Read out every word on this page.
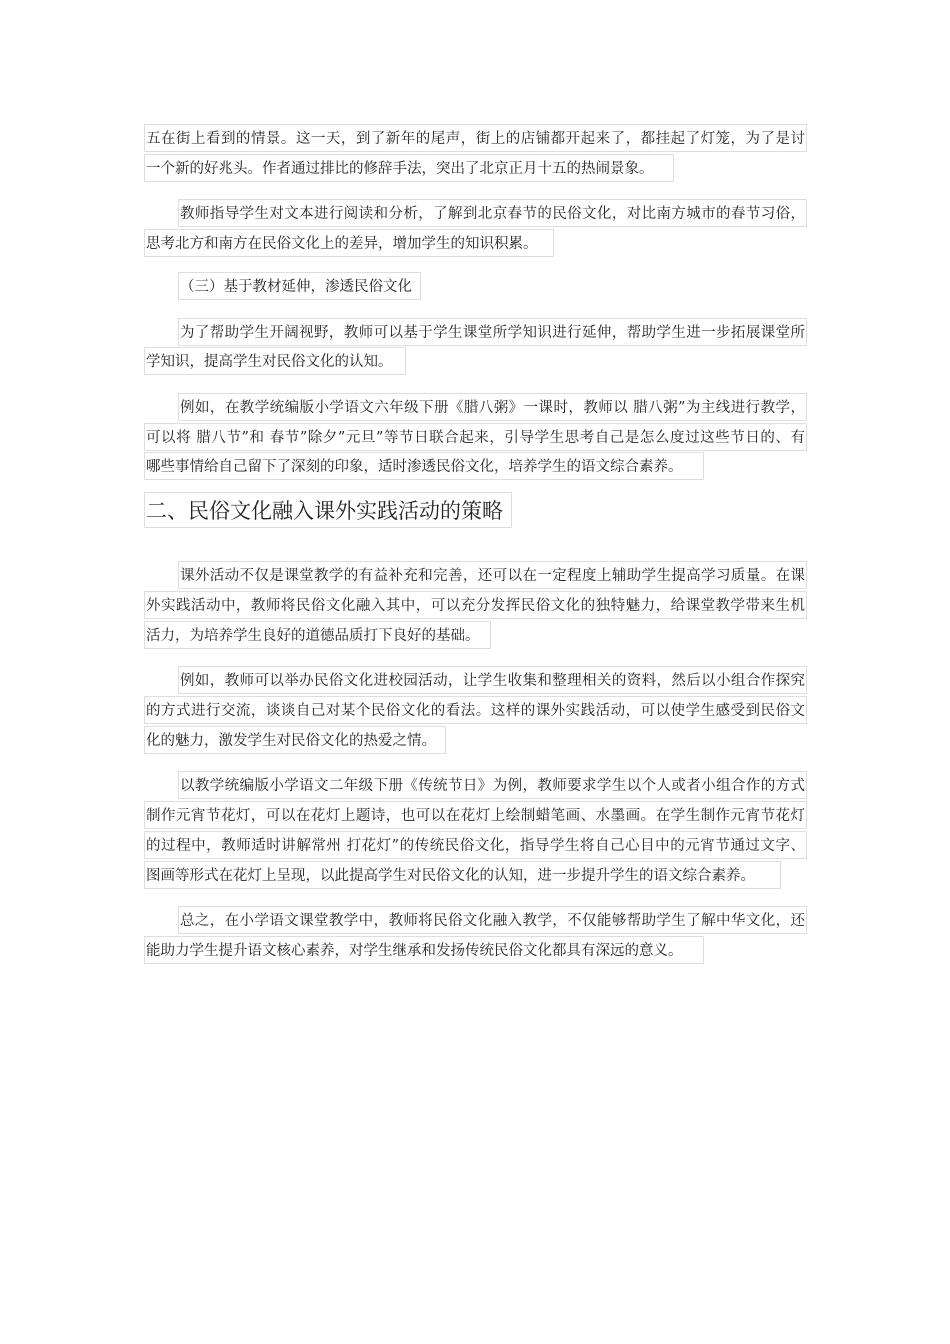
五在街上看到的情景。这一天，到了新年的尾声，街上的店铺都开起来了，都挂起了灯笼，为了是讨
一个新的好兆头。作者通过排比的修辞手法，突出了北京正月十五的热闹景象。
教师指导学生对文本进行阅读和分析，了解到北京春节的民俗文化，对比南方城市的春节习俗，
思考北方和南方在民俗文化上的差异，增加学生的知识积累。
（三）基于教材延伸，渗透民俗文化
为了帮助学生开阔视野，教师可以基于学生课堂所学知识进行延伸，帮助学生进一步拓展课堂所
学知识，提高学生对民俗文化的认知。
例如，在教学统编版小学语文六年级下册《腊八粥》一课时，教师以 腊八粥”为主线进行教学，
可以将 腊八节”和 春节”除夕”元旦”等节日联合起来，引导学生思考自己是怎么度过这些节日的、有
哪些事情给自己留下了深刻的印象，适时渗透民俗文化，培养学生的语文综合素养。
二、民俗文化融入课外实践活动的策略
课外活动不仅是课堂教学的有益补充和完善，还可以在一定程度上辅助学生提高学习质量。在课
外实践活动中，教师将民俗文化融入其中，可以充分发挥民俗文化的独特魅力，给课堂教学带来生机
活力，为培养学生良好的道德品质打下良好的基础。
例如，教师可以举办民俗文化进校园活动，让学生收集和整理相关的资料，然后以小组合作探究
的方式进行交流，谈谈自己对某个民俗文化的看法。这样的课外实践活动，可以使学生感受到民俗文
化的魅力，激发学生对民俗文化的热爱之情。
以教学统编版小学语文二年级下册《传统节日》为例，教师要求学生以个人或者小组合作的方式
制作元宵节花灯，可以在花灯上题诗，也可以在花灯上绘制蜡笔画、水墨画。在学生制作元宵节花灯
的过程中，教师适时讲解常州 打花灯”的传统民俗文化，指导学生将自己心目中的元宵节通过文字、
图画等形式在花灯上呈现，以此提高学生对民俗文化的认知，进一步提升学生的语文综合素养。
总之，在小学语文课堂教学中，教师将民俗文化融入教学，不仅能够帮助学生了解中华文化，还
能助力学生提升语文核心素养，对学生继承和发扬传统民俗文化都具有深远的意义。
